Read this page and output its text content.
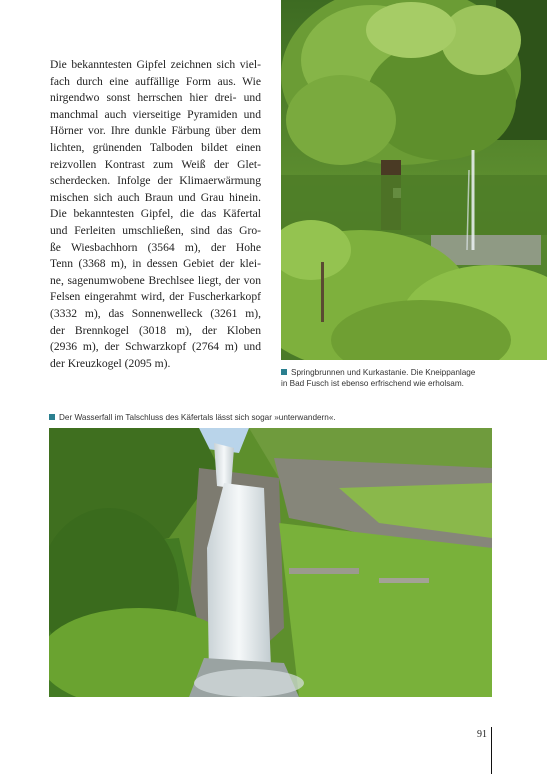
Die bekanntesten Gipfel zeichnen sich viel-
fach durch eine auffällige Form aus. Wie
nirgendwo sonst herrschen hier drei- und
manchmal auch vierseitige Pyramiden und
Hörner vor. Ihre dunkle Färbung über dem
lichten, grünenden Talboden bildet einen
reizvollen Kontrast zum Weiß der Glet-
scherdecken. Infolge der Klimaerwärmung
mischen sich auch Braun und Grau hinein.
Die bekanntesten Gipfel, die das Käfertal
und Ferleiten umschließen, sind das Gro-
ße Wiesbachhorn (3564 m), der Hohe
Tenn (3368 m), in dessen Gebiet der klei-
ne, sagenumwobene Brechlsee liegt, der von
Felsen eingerahmt wird, der Fuscherkarkopf
(3332 m), das Sonnenwelleck (3261 m),
der Brennkogel (3018 m), der Kloben
(2936 m), der Schwarzkopf (2764 m) und
der Kreuzkogel (2095 m).

Springbrunnen und Kurkastanie. Die Kneippanlage
in Bad Fusch ist ebenso erfrischend wie erholsam.
Der Wasserfall im Talschluss des Käfertals lässt sich sogar »unterwandern«.
91
